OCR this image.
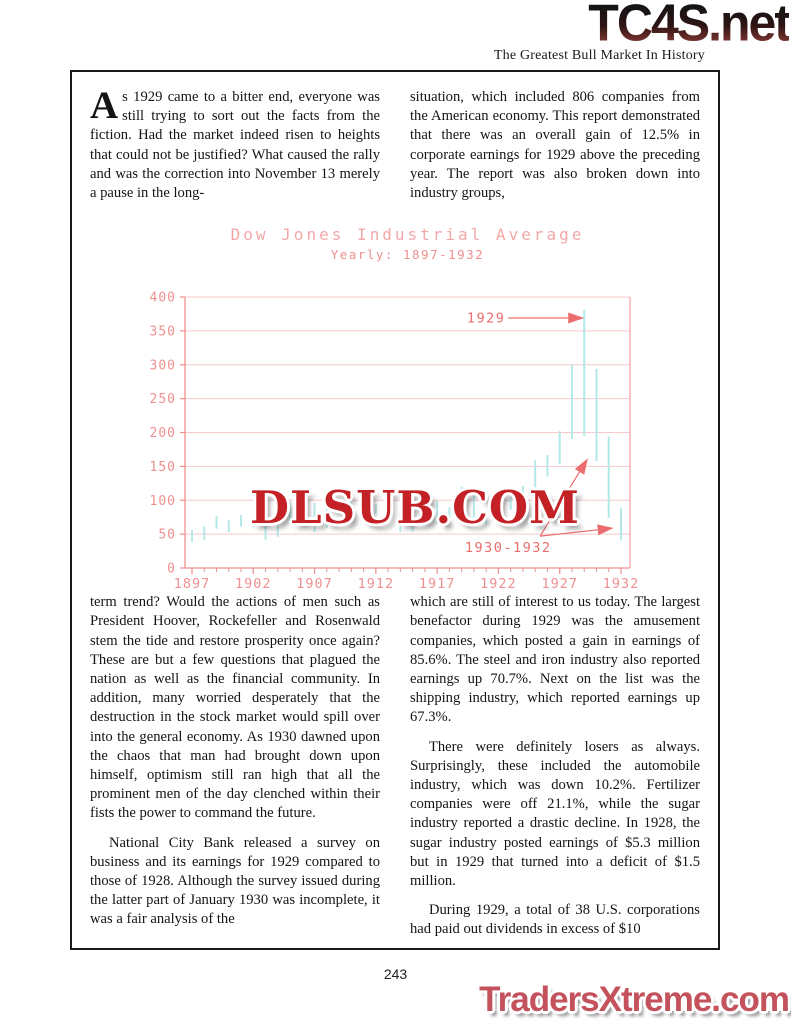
TC4S.net
The Greatest Bull Market In History

As 1929 came to a bitter end, everyone was still trying to sort out the facts from the fiction. Had the market indeed risen to heights that could not be justified? What caused the rally and was the correction into November 13 merely a pause in the long-

situation, which included 806 companies from the American economy. This report demonstrated that there was an overall gain of 12.5% in corporate earnings for 1929 above the preceding year. The report was also broken down into industry groups,

Dow Jones Industrial Average
Yearly: 1897-1932
0
50
100
150
200
250
300
350
400
1897 1902 1907 1912 1917 1922 1927 1932
1929
1930-1932
DLSUB.COM

term trend? Would the actions of men such as President Hoover, Rockefeller and Rosenwald stem the tide and restore prosperity once again? These are but a few questions that plagued the nation as well as the financial community. In addition, many worried desperately that the destruction in the stock market would spill over into the general economy. As 1930 dawned upon the chaos that man had brought down upon himself, optimism still ran high that all the prominent men of the day clenched within their fists the power to command the future.

National City Bank released a survey on business and its earnings for 1929 compared to those of 1928. Although the survey issued during the latter part of January 1930 was incomplete, it was a fair analysis of the

which are still of interest to us today. The largest benefactor during 1929 was the amusement companies, which posted a gain in earnings of 85.6%. The steel and iron industry also reported earnings up 70.7%. Next on the list was the shipping industry, which reported earnings up 67.3%.

There were definitely losers as always. Surprisingly, these included the automobile industry, which was down 10.2%. Fertilizer companies were off 21.1%, while the sugar industry reported a drastic decline. In 1928, the sugar industry posted earnings of $5.3 million but in 1929 that turned into a deficit of $1.5 million.

During 1929, a total of 38 U.S. corporations had paid out dividends in excess of $10

243
TradersXtreme.com
